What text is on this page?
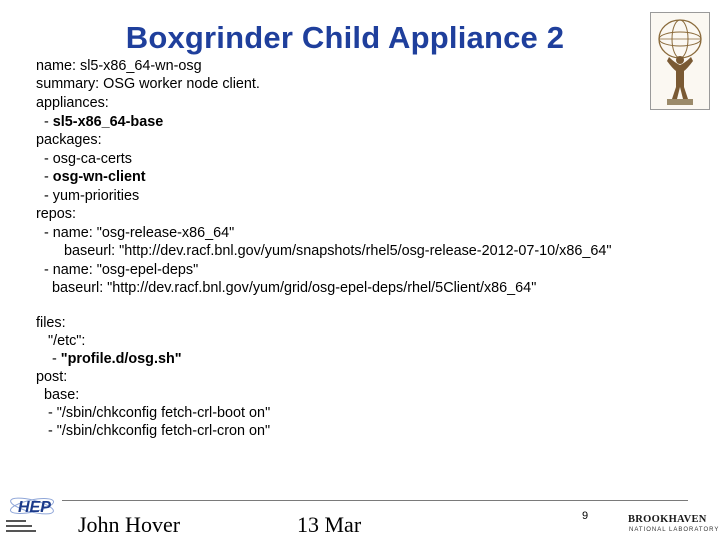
Boxgrinder Child Appliance 2
name: sl5-x86_64-wn-osg
summary: OSG worker node client.
appliances:
- sl5-x86_64-base
packages:
- osg-ca-certs
- osg-wn-client
- yum-priorities
repos:
- name: "osg-release-x86_64"
baseurl: "http://dev.racf.bnl.gov/yum/snapshots/rhel5/osg-release-2012-07-10/x86_64"
- name: "osg-epel-deps"
baseurl: "http://dev.racf.bnl.gov/yum/grid/osg-epel-deps/rhel/5Client/x86_64"
files:
"/etc":
- "profile.d/osg.sh"
post:
base:
- "/sbin/chkconfig fetch-crl-boot on"
- "/sbin/chkconfig fetch-crl-cron on"
HEP
John Hover	13 Mar	9	BROOKHAVEN
NATIONAL LABORATORY
